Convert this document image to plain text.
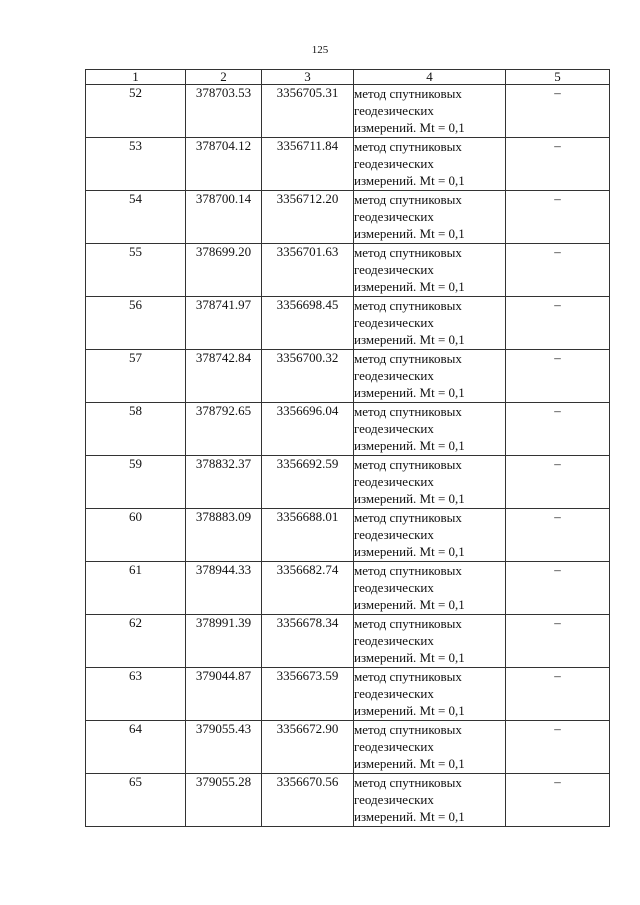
125
1	2	3	4	5
52	378703.53	3356705.31	метод спутниковых
геодезических
измерений. Mt = 0,1	–
53	378704.12	3356711.84	метод спутниковых
геодезических
измерений. Mt = 0,1	–
54	378700.14	3356712.20	метод спутниковых
геодезических
измерений. Mt = 0,1	–
55	378699.20	3356701.63	метод спутниковых
геодезических
измерений. Mt = 0,1	–
56	378741.97	3356698.45	метод спутниковых
геодезических
измерений. Mt = 0,1	–
57	378742.84	3356700.32	метод спутниковых
геодезических
измерений. Mt = 0,1	–
58	378792.65	3356696.04	метод спутниковых
геодезических
измерений. Mt = 0,1	–
59	378832.37	3356692.59	метод спутниковых
геодезических
измерений. Mt = 0,1	–
60	378883.09	3356688.01	метод спутниковых
геодезических
измерений. Mt = 0,1	–
61	378944.33	3356682.74	метод спутниковых
геодезических
измерений. Mt = 0,1	–
62	378991.39	3356678.34	метод спутниковых
геодезических
измерений. Mt = 0,1	–
63	379044.87	3356673.59	метод спутниковых
геодезических
измерений. Mt = 0,1	–
64	379055.43	3356672.90	метод спутниковых
геодезических
измерений. Mt = 0,1	–
65	379055.28	3356670.56	метод спутниковых
геодезических
измерений. Mt = 0,1	–
